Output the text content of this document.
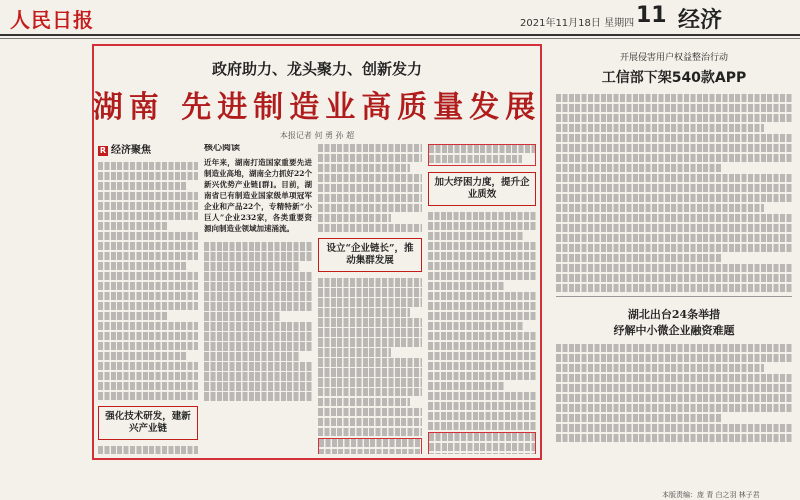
人民日报	2021年11月18日 星期四 11 经济
政府助力、龙头聚力、创新发力
湖南 先进制造业高质量发展
本报记者 何 勇 孙 超
R 经济聚焦
强化技术研发，建新兴产业链
核心阅读
近年来，湖南打造国家重要先进制造业高地，湖南全力抓好22个新兴优势产业链[群]。目前，湖南省已有制造业国家级单项冠军企业和产品22个，专精特新“小巨人”企业232家，各类重要资源向制造业领域加速涌流。
设立“企业链长”，推动集群发展
加大纾困力度，提升企业质效
开展侵害用户权益整治行动
工信部下架540款APP
湖北出台24条举措
纾解中小微企业融资难题
本版责编：庞 青 白之羽 林子君
